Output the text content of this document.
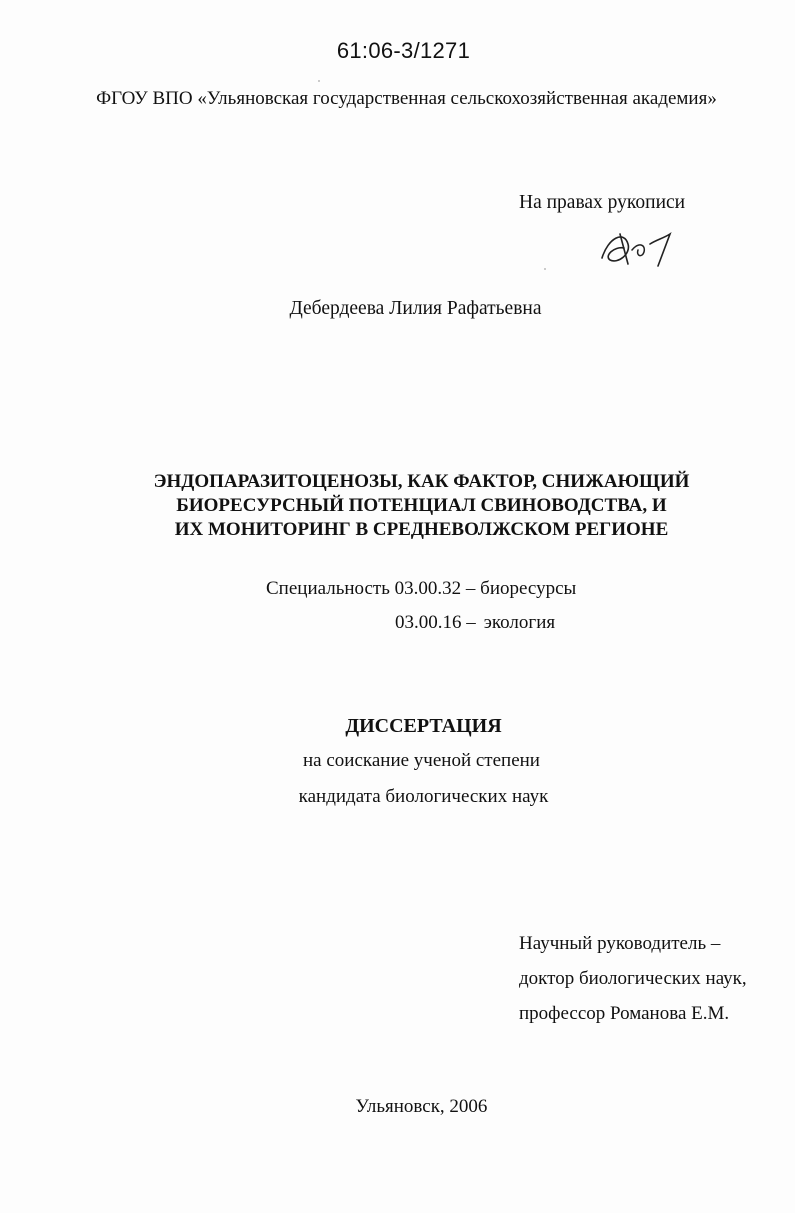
61:06-3/1271
ФГОУ ВПО «Ульяновская государственная сельскохозяйственная академия»
На правах рукописи
Дебердеева Лилия Рафатьевна
ЭНДОПАРАЗИТОЦЕНОЗЫ, КАК ФАКТОР, СНИЖАЮЩИЙ
БИОРЕСУРСНЫЙ ПОТЕНЦИАЛ СВИНОВОДСТВА, И
ИХ МОНИТОРИНГ В СРЕДНЕВОЛЖСКОМ РЕГИОНЕ
Специальность 03.00.32 – биоресурсы
03.00.16 – экология
ДИССЕРТАЦИЯ
на соискание ученой степени
кандидата биологических наук
Научный руководитель –
доктор биологических наук,
профессор Романова Е.М.
Ульяновск, 2006
